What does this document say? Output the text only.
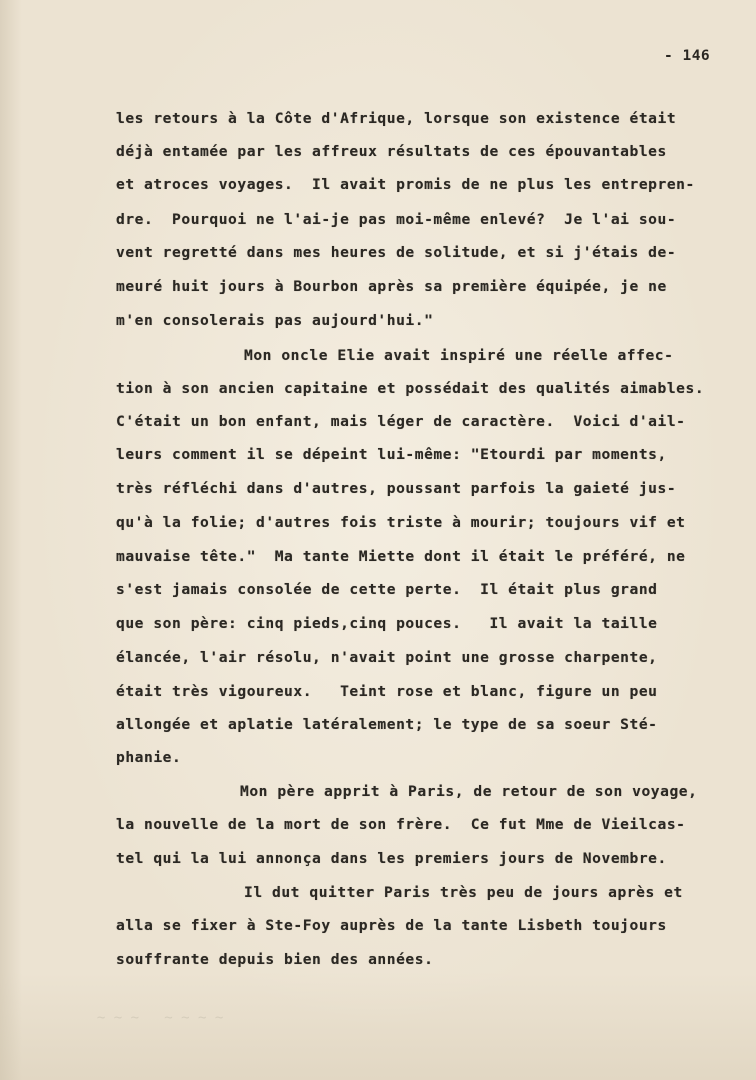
- 146
les retours à la Côte d'Afrique, lorsque son existence était
déjà entamée par les affreux résultats de ces épouvantables
et atroces voyages.  Il avait promis de ne plus les entrepren-
dre.  Pourquoi ne l'ai-je pas moi-même enlevé?  Je l'ai sou-
vent regretté dans mes heures de solitude, et si j'étais de-
meuré huit jours à Bourbon après sa première équipée, je ne
m'en consolerais pas aujourd'hui."
Mon oncle Elie avait inspiré une réelle affec-
tion à son ancien capitaine et possédait des qualités aimables.
C'était un bon enfant, mais léger de caractère.  Voici d'ail-
leurs comment il se dépeint lui-même: "Etourdi par moments,
très réfléchi dans d'autres, poussant parfois la gaieté jus-
qu'à la folie; d'autres fois triste à mourir; toujours vif et
mauvaise tête."  Ma tante Miette dont il était le préféré, ne
s'est jamais consolée de cette perte.  Il était plus grand
que son père: cinq pieds,cinq pouces.   Il avait la taille
élancée, l'air résolu, n'avait point une grosse charpente,
était très vigoureux.   Teint rose et blanc, figure un peu
allongée et aplatie latéralement; le type de sa soeur Sté-
phanie.
Mon père apprit à Paris, de retour de son voyage,
la nouvelle de la mort de son frère.  Ce fut Mme de Vieilcas-
tel qui la lui annonça dans les premiers jours de Novembre.
Il dut quitter Paris très peu de jours après et
alla se fixer à Ste-Foy auprès de la tante Lisbeth toujours
souffrante depuis bien des années.
~ ~ ~   ~ ~ ~ ~
